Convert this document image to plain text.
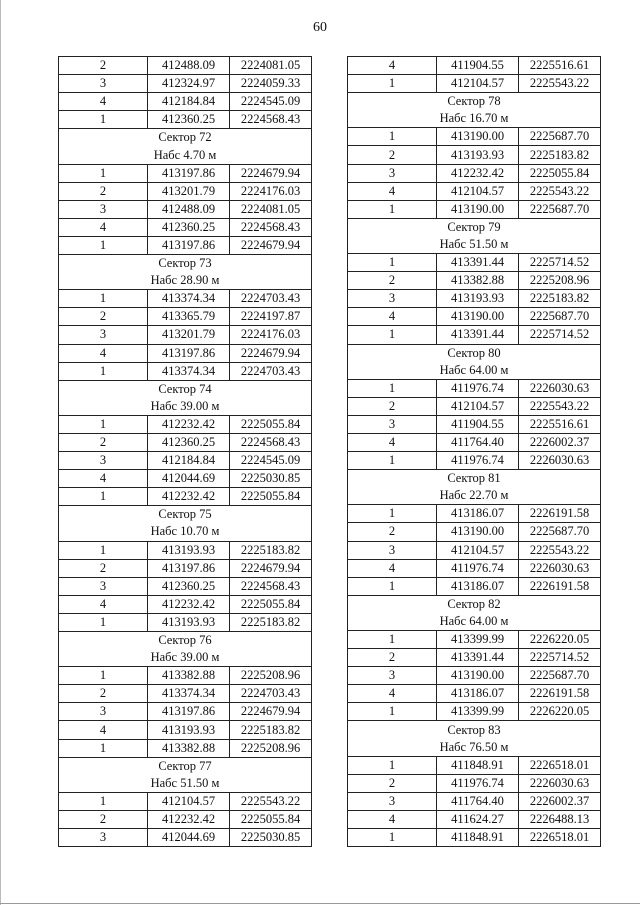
60
2	412488.09	2224081.05
3	412324.97	2224059.33
4	412184.84	2224545.09
1	412360.25	2224568.43
Сектор 72		
Набс 4.70 м		
1	413197.86	2224679.94
2	413201.79	2224176.03
3	412488.09	2224081.05
4	412360.25	2224568.43
1	413197.86	2224679.94
Сектор 73		
Набс 28.90 м		
1	413374.34	2224703.43
2	413365.79	2224197.87
3	413201.79	2224176.03
4	413197.86	2224679.94
1	413374.34	2224703.43
Сектор 74		
Набс 39.00 м		
1	412232.42	2225055.84
2	412360.25	2224568.43
3	412184.84	2224545.09
4	412044.69	2225030.85
1	412232.42	2225055.84
Сектор 75		
Набс 10.70 м		
1	413193.93	2225183.82
2	413197.86	2224679.94
3	412360.25	2224568.43
4	412232.42	2225055.84
1	413193.93	2225183.82
Сектор 76		
Набс 39.00 м		
1	413382.88	2225208.96
2	413374.34	2224703.43
3	413197.86	2224679.94
4	413193.93	2225183.82
1	413382.88	2225208.96
Сектор 77		
Набс 51.50 м		
1	412104.57	2225543.22
2	412232.42	2225055.84
3	412044.69	2225030.85
4	411904.55	2225516.61
1	412104.57	2225543.22
Сектор 78		
Набс 16.70 м		
1	413190.00	2225687.70
2	413193.93	2225183.82
3	412232.42	2225055.84
4	412104.57	2225543.22
1	413190.00	2225687.70
Сектор 79		
Набс 51.50 м		
1	413391.44	2225714.52
2	413382.88	2225208.96
3	413193.93	2225183.82
4	413190.00	2225687.70
1	413391.44	2225714.52
Сектор 80		
Набс 64.00 м		
1	411976.74	2226030.63
2	412104.57	2225543.22
3	411904.55	2225516.61
4	411764.40	2226002.37
1	411976.74	2226030.63
Сектор 81		
Набс 22.70 м		
1	413186.07	2226191.58
2	413190.00	2225687.70
3	412104.57	2225543.22
4	411976.74	2226030.63
1	413186.07	2226191.58
Сектор 82		
Набс 64.00 м		
1	413399.99	2226220.05
2	413391.44	2225714.52
3	413190.00	2225687.70
4	413186.07	2226191.58
1	413399.99	2226220.05
Сектор 83		
Набс 76.50 м		
1	411848.91	2226518.01
2	411976.74	2226030.63
3	411764.40	2226002.37
4	411624.27	2226488.13
1	411848.91	2226518.01
